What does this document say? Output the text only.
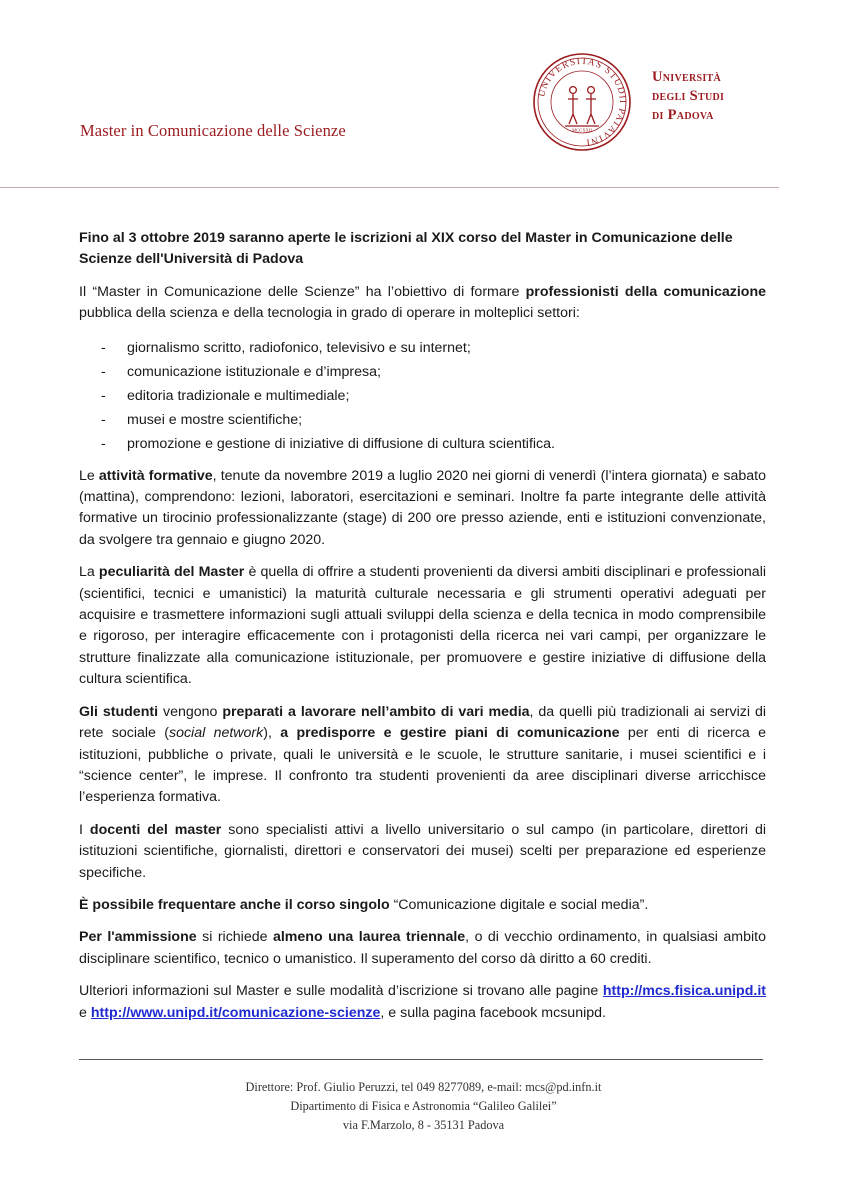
Master in Comunicazione delle Scienze
UNIVERSITAS STUDII PATAVINI
MCCXXII
Università
degli Studi
di Padova

Fino al 3 ottobre 2019 saranno aperte le iscrizioni al XIX corso del Master in Comunicazione delle Scienze dell'Università di Padova

Il “Master in Comunicazione delle Scienze” ha l’obiettivo di formare professionisti della comunicazione pubblica della scienza e della tecnologia in grado di operare in molteplici settori:

- giornalismo scritto, radiofonico, televisivo e su internet;
- comunicazione istituzionale e d’impresa;
- editoria tradizionale e multimediale;
- musei e mostre scientifiche;
- promozione e gestione di iniziative di diffusione di cultura scientifica.

Le attività formative, tenute da novembre 2019 a luglio 2020 nei giorni di venerdì (l’intera giornata) e sabato (mattina), comprendono: lezioni, laboratori, esercitazioni e seminari. Inoltre fa parte integrante delle attività formative un tirocinio professionalizzante (stage) di 200 ore presso aziende, enti e istituzioni convenzionate, da svolgere tra gennaio e giugno 2020.

La peculiarità del Master è quella di offrire a studenti provenienti da diversi ambiti disciplinari e professionali (scientifici, tecnici e umanistici) la maturità culturale necessaria e gli strumenti operativi adeguati per acquisire e trasmettere informazioni sugli attuali sviluppi della scienza e della tecnica in modo comprensibile e rigoroso, per interagire efficacemente con i protagonisti della ricerca nei vari campi, per organizzare le strutture finalizzate alla comunicazione istituzionale, per promuovere e gestire iniziative di diffusione della cultura scientifica.

Gli studenti vengono preparati a lavorare nell’ambito di vari media, da quelli più tradizionali ai servizi di rete sociale (social network), a predisporre e gestire piani di comunicazione per enti di ricerca e istituzioni, pubbliche o private, quali le università e le scuole, le strutture sanitarie, i musei scientifici e i “science center”, le imprese. Il confronto tra studenti provenienti da aree disciplinari diverse arricchisce l’esperienza formativa.

I docenti del master sono specialisti attivi a livello universitario o sul campo (in particolare, direttori di istituzioni scientifiche, giornalisti, direttori e conservatori dei musei) scelti per preparazione ed esperienze specifiche.

È possibile frequentare anche il corso singolo “Comunicazione digitale e social media”.

Per l'ammissione si richiede almeno una laurea triennale, o di vecchio ordinamento, in qualsiasi ambito disciplinare scientifico, tecnico o umanistico. Il superamento del corso dà diritto a 60 crediti.

Ulteriori informazioni sul Master e sulle modalità d’iscrizione si trovano alle pagine http://mcs.fisica.unipd.it e http://www.unipd.it/comunicazione-scienze, e sulla pagina facebook mcsunipd.

Direttore: Prof. Giulio Peruzzi, tel 049 8277089, e-mail: mcs@pd.infn.it
Dipartimento di Fisica e Astronomia “Galileo Galilei”
via F.Marzolo, 8 - 35131 Padova
